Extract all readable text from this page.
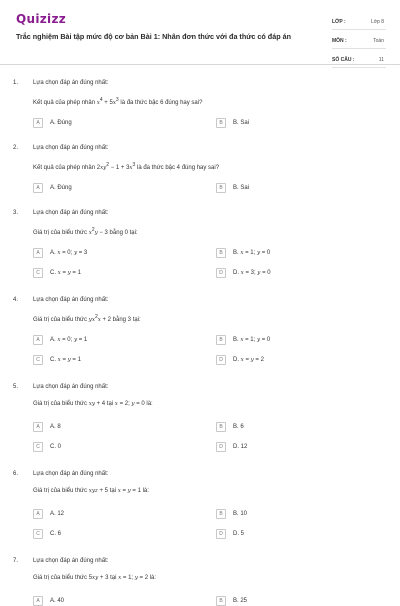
Quizizz
Trắc nghiệm Bài tập mức độ cơ bản Bài 1: Nhân đơn thức với đa thức có đáp án
LỚP :	Lớp 8
MÔN :	Toán
SỐ CÂU :	11
1. Lựa chọn đáp án đúng nhất:
Kết quả của phép nhân $x^4 + 5x^3$ là đa thức bậc 6 đúng hay sai?
A	A. Đúng	B	B. Sai
2. Lựa chọn đáp án đúng nhất:
Kết quả của phép nhân $2xy^2 - 1 + 3x^3$ là đa thức bậc 4 đúng hay sai?
A	A. Đúng	B	B. Sai
3. Lựa chọn đáp án đúng nhất:
Giá trị của biểu thức $x^2y - 3$ bằng 0 tại:
A	A. x = 0; y = 3	B	B. x = 1; y = 0
C	C. x = y = 1	D	D. x = 3; y = 0
4. Lựa chọn đáp án đúng nhất:
Giá trị của biểu thức $yx^2x + 2$ bằng 3 tại:
A	A. x = 0; y = 1	B	B. x = 1; y = 0
C	C. x = y = 1	D	D. x = y = 2
5. Lựa chọn đáp án đúng nhất:
Giá trị của biểu thức xy + 4 tại x = 2; y = 0 là:
A	A. 8	B	B. 6
C	C. 0	D	D. 12
6. Lựa chọn đáp án đúng nhất:
Giá trị của biểu thức xyz + 5 tại x = y = 1 là:
A	A. 12	B	B. 10
C	C. 6	D	D. 5
7. Lựa chọn đáp án đúng nhất:
Giá trị của biểu thức 5xy + 3 tại x = 1; y = 2 là:
A	A. 40	B	B. 25
